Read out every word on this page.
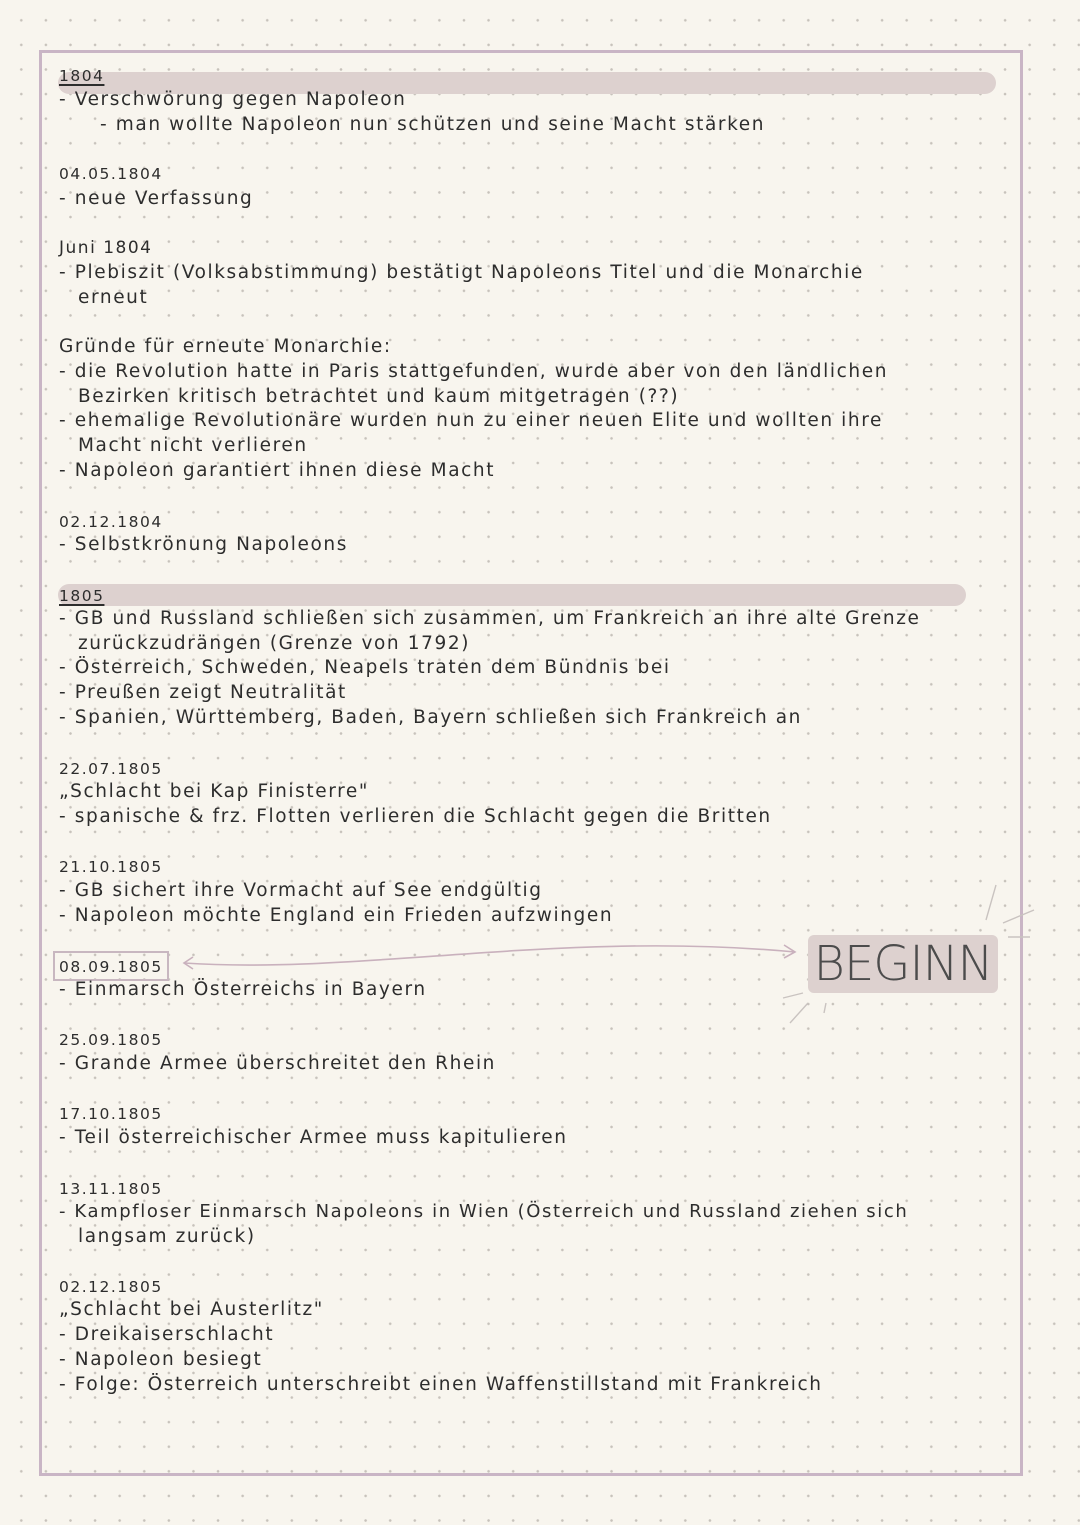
1804
- Verschwörung gegen Napoleon
- man wollte Napoleon nun schützen und seine Macht stärken
04.05.1804
- neue Verfassung
Juni 1804
- Plebiszit (Volksabstimmung) bestätigt Napoleons Titel und die Monarchie
erneut
Gründe für erneute Monarchie:
- die Revolution hatte in Paris stattgefunden, wurde aber von den ländlichen
Bezirken kritisch betrachtet und kaum mitgetragen (??)
- ehemalige Revolutionäre wurden nun zu einer neuen Elite und wollten ihre
Macht nicht verlieren
- Napoleon garantiert ihnen diese Macht
02.12.1804
- Selbstkrönung Napoleons
1805
- GB und Russland schließen sich zusammen, um Frankreich an ihre alte Grenze
zurückzudrängen (Grenze von 1792)
- Österreich, Schweden, Neapels traten dem Bündnis bei
- Preußen zeigt Neutralität
- Spanien, Württemberg, Baden, Bayern schließen sich Frankreich an
22.07.1805
„Schlacht bei Kap Finisterre"
- spanische & frz. Flotten verlieren die Schlacht gegen die Britten
21.10.1805
- GB sichert ihre Vormacht auf See endgültig
- Napoleon möchte England ein Frieden aufzwingen
08.09.1805
- Einmarsch Österreichs in Bayern
25.09.1805
- Grande Armee überschreitet den Rhein
17.10.1805
- Teil österreichischer Armee muss kapitulieren
13.11.1805
- Kampfloser Einmarsch Napoleons in Wien (Österreich und Russland ziehen sich
langsam zurück)
02.12.1805
„Schlacht bei Austerlitz"
- Dreikaiserschlacht
- Napoleon besiegt
- Folge: Österreich unterschreibt einen Waffenstillstand mit Frankreich
BEGINN
